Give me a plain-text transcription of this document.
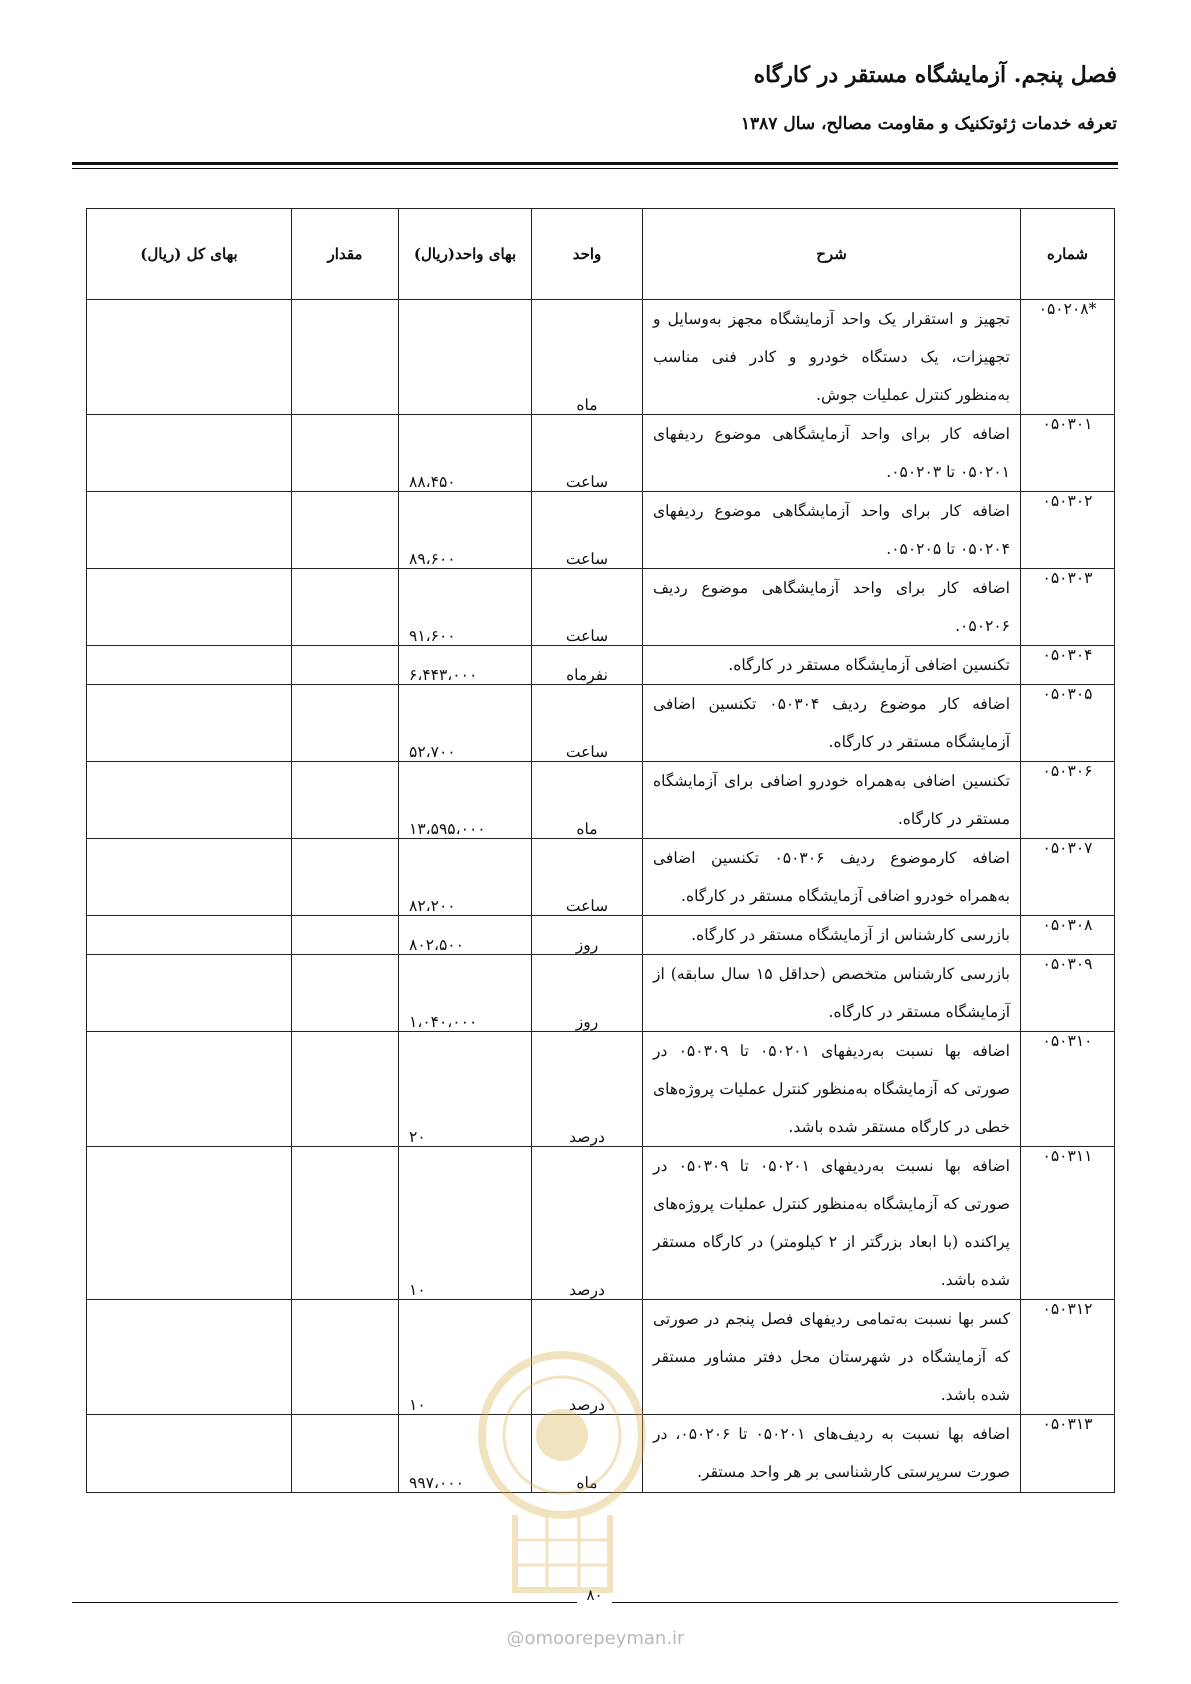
فصل پنجم. آزمایشگاه مستقر در کارگاه
تعرفه خدمات ژئوتکنیک و مقاومت مصالح، سال ۱۳۸۷
شماره	شرح	واحد	بهای واحد(ریال)	مقدار	بهای کل (ریال)
*۰۵۰۲۰۸	تجهیز و استقرار یک واحد آزمایشگاه مجهز به‌وسایل و تجهیزات، یک دستگاه خودرو و کادر فنی مناسب به‌منظور کنترل عملیات جوش.	ماه			
۰۵۰۳۰۱	اضافه کار برای واحد آزمایشگاهی موضوع ردیفهای ۰۵۰۲۰۱ تا ۰۵۰۲۰۳.	ساعت	۸۸،۴۵۰		
۰۵۰۳۰۲	اضافه کار برای واحد آزمایشگاهی موضوع ردیفهای ۰۵۰۲۰۴ تا ۰۵۰۲۰۵.	ساعت	۸۹،۶۰۰		
۰۵۰۳۰۳	اضافه کار برای واحد آزمایشگاهی موضوع ردیف ۰۵۰۲۰۶.	ساعت	۹۱،۶۰۰		
۰۵۰۳۰۴	تکنسین اضافی آزمایشگاه مستقر در کارگاه.	نفرماه	۶،۴۴۳،۰۰۰		
۰۵۰۳۰۵	اضافه کار موضوع ردیف ۰۵۰۳۰۴ تکنسین اضافی آزمایشگاه مستقر در کارگاه.	ساعت	۵۲،۷۰۰		
۰۵۰۳۰۶	تکنسین اضافی به‌همراه خودرو اضافی برای آزمایشگاه مستقر در کارگاه.	ماه	۱۳،۵۹۵،۰۰۰		
۰۵۰۳۰۷	اضافه کارموضوع ردیف ۰۵۰۳۰۶ تکنسین اضافی به‌همراه خودرو اضافی آزمایشگاه مستقر در کارگاه.	ساعت	۸۲،۲۰۰		
۰۵۰۳۰۸	بازرسی کارشناس از آزمایشگاه مستقر در کارگاه.	روز	۸۰۲،۵۰۰		
۰۵۰۳۰۹	بازرسی کارشناس متخصص (حداقل ۱۵ سال سابقه) از آزمایشگاه مستقر در کارگاه.	روز	۱،۰۴۰،۰۰۰		
۰۵۰۳۱۰	اضافه بها نسبت به‌ردیفهای ۰۵۰۲۰۱ تا ۰۵۰۳۰۹ در صورتی که آزمایشگاه به‌منظور کنترل عملیات پروژه‌های خطی در کارگاه مستقر شده باشد.	درصد	۲۰		
۰۵۰۳۱۱	اضافه بها نسبت به‌ردیفهای ۰۵۰۲۰۱ تا ۰۵۰۳۰۹ در صورتی که آزمایشگاه به‌منظور کنترل عملیات پروژه‌های پراکنده (با ابعاد بزرگتر از ۲ کیلومتر) در کارگاه مستقر شده باشد.	درصد	۱۰		
۰۵۰۳۱۲	کسر بها نسبت به‌تمامی ردیفهای فصل پنجم در صورتی که آزمایشگاه در شهرستان محل دفتر مشاور مستقر شده باشد.	درصد	۱۰		
۰۵۰۳۱۳	اضافه بها نسبت به ردیف‌های ۰۵۰۲۰۱ تا ۰۵۰۲۰۶، در صورت سرپرستی کارشناسی بر هر واحد مستقر.	ماه	۹۹۷،۰۰۰		
۸۰
@omoorepeyman.ir
